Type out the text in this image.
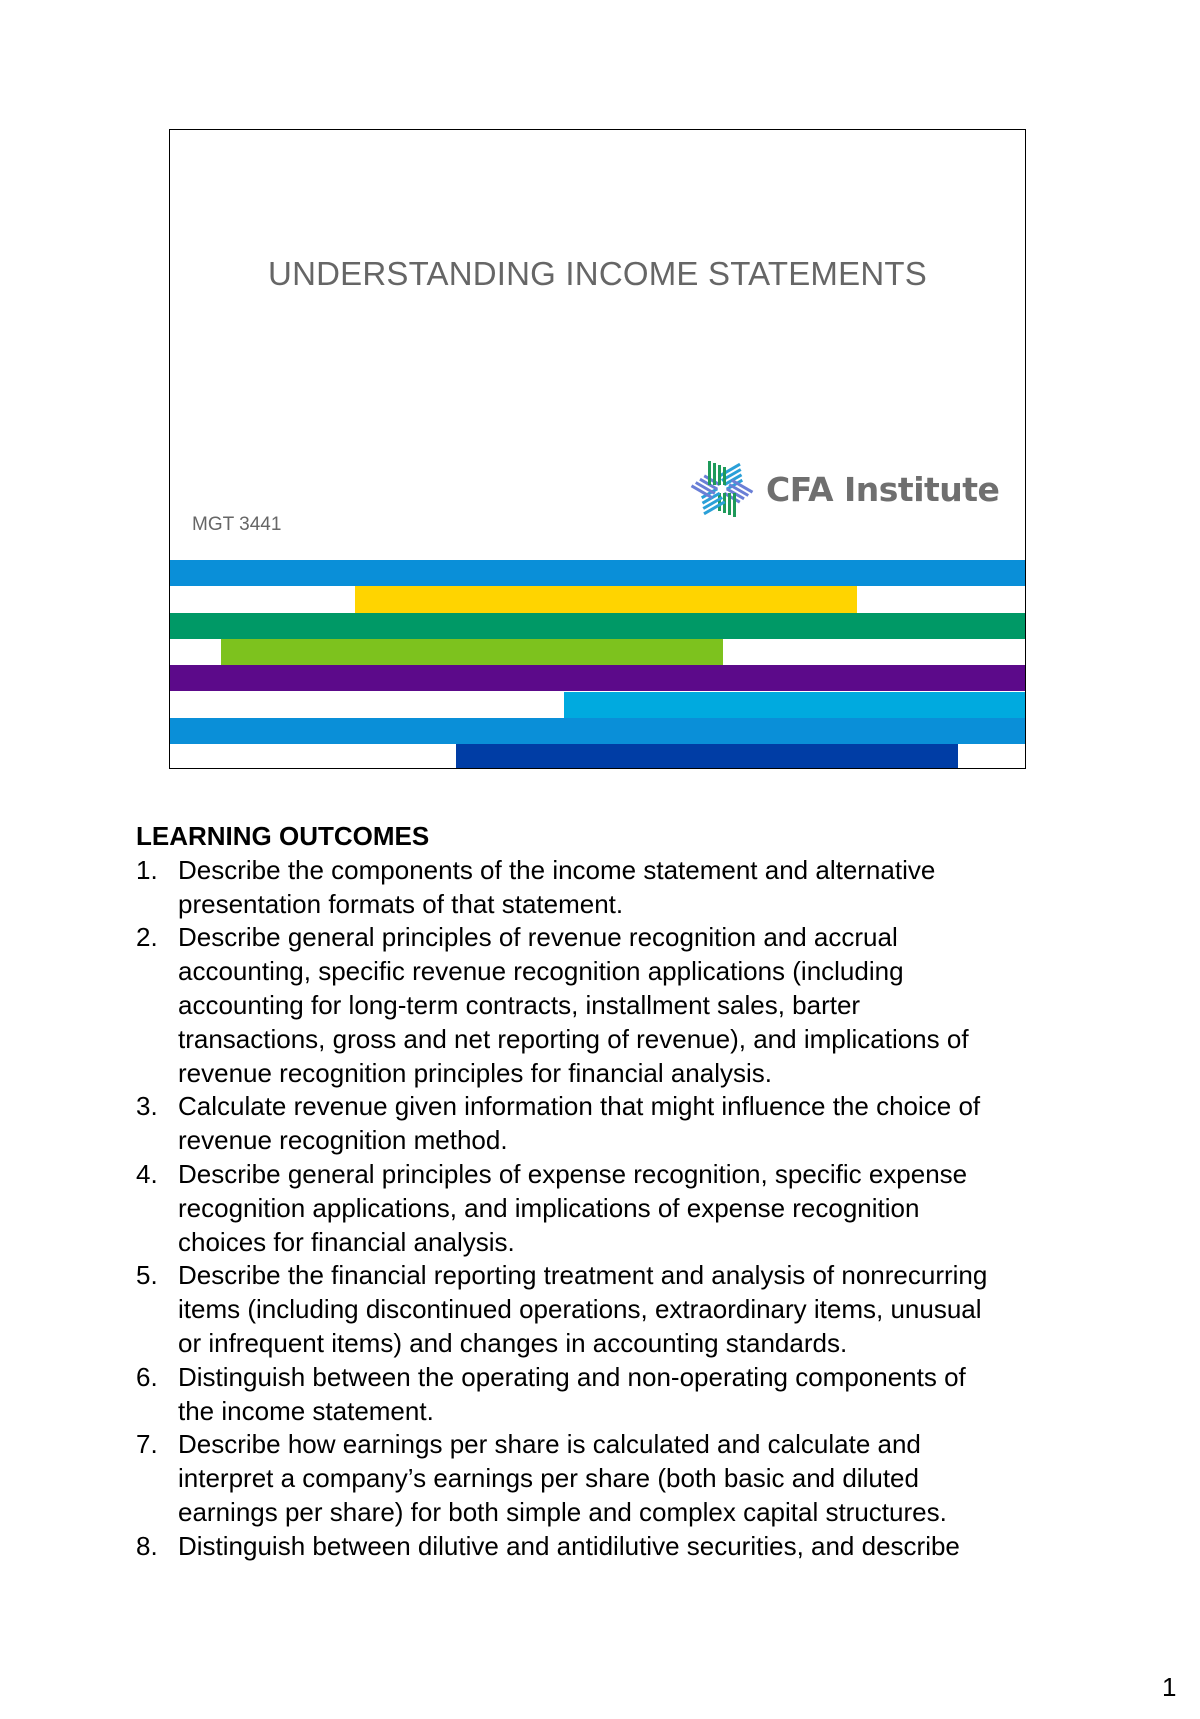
UNDERSTANDING INCOME STATEMENTS
CFA Institute
MGT 3441
LEARNING OUTCOMES
1. Describe the components of the income statement and alternative
presentation formats of that statement.
2. Describe general principles of revenue recognition and accrual
accounting, specific revenue recognition applications (including
accounting for long-term contracts, installment sales, barter
transactions, gross and net reporting of revenue), and implications of
revenue recognition principles for financial analysis.
3. Calculate revenue given information that might influence the choice of
revenue recognition method.
4. Describe general principles of expense recognition, specific expense
recognition applications, and implications of expense recognition
choices for financial analysis.
5. Describe the financial reporting treatment and analysis of nonrecurring
items (including discontinued operations, extraordinary items, unusual
or infrequent items) and changes in accounting standards.
6. Distinguish between the operating and non-operating components of
the income statement.
7. Describe how earnings per share is calculated and calculate and
interpret a company’s earnings per share (both basic and diluted
earnings per share) for both simple and complex capital structures.
8. Distinguish between dilutive and antidilutive securities, and describe
1
